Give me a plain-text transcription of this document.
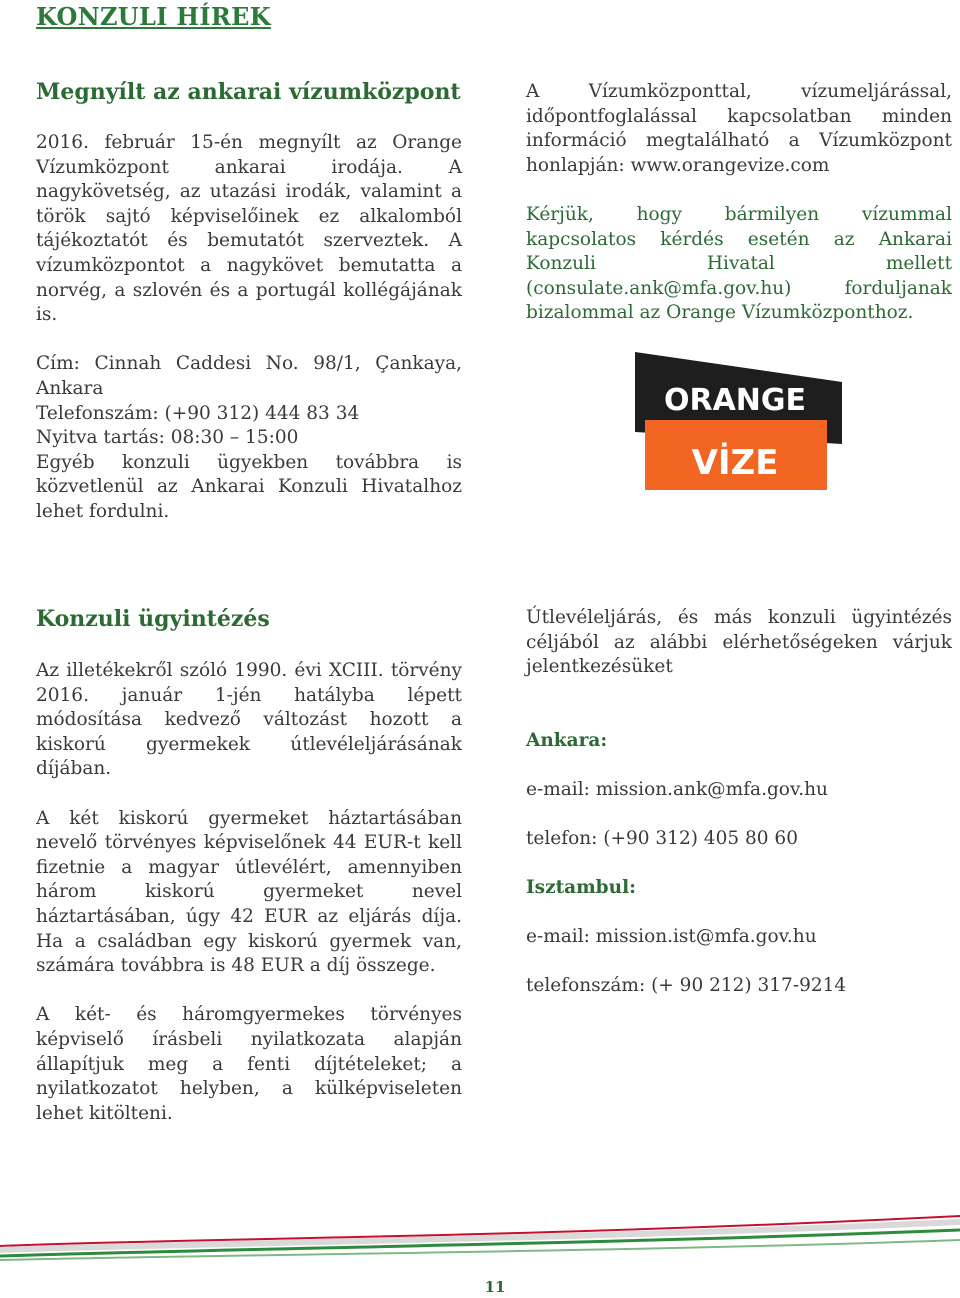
KONZULI HÍREK
Megnyílt az ankarai vízumközpont

2016. február 15-én megnyílt az Orange Vízumközpont ankarai irodája. A nagykövetség, az utazási irodák, valamint a török sajtó képviselőinek ez alkalomból tájékoztatót és bemutatót szerveztek. A vízumközpontot a nagykövet bemutatta a norvég, a szlovén és a portugál kollégájának is.

Cím: Cinnah Caddesi No. 98/1, Çankaya, Ankara

Telefonszám: (+90 312) 444 83 34

Nyitva tartás: 08:30 – 15:00

Egyéb konzuli ügyekben továbbra is közvetlenül az Ankarai Konzuli Hivatalhoz lehet fordulni.

A Vízumközponttal, vízumeljárással, időpontfoglalással kapcsolatban minden információ megtalálható a Vízumközpont honlapján: www.orangevize.com

Kérjük, hogy bármilyen vízummal kapcsolatos kérdés esetén az Ankarai Konzuli Hivatal mellett (consulate.ank@mfa.gov.hu) forduljanak bizalommal az Orange Vízumközponthoz.

ORANGE
VİZE
Konzuli ügyintézés

Az illetékekről szóló 1990. évi XCIII. törvény 2016. január 1-jén hatályba lépett módosítása kedvező változást hozott a kiskorú gyermekek útlevéleljárásának díjában.

A két kiskorú gyermeket háztartásában nevelő törvényes képviselőnek 44 EUR-t kell fizetnie a magyar útlevélért, amennyiben három kiskorú gyermeket nevel háztartásában, úgy 42 EUR az eljárás díja. Ha a családban egy kiskorú gyermek van, számára továbbra is 48 EUR a díj összege.

A két- és háromgyermekes törvényes képviselő írásbeli nyilatkozata alapján állapítjuk meg a fenti díjtételeket; a nyilatkozatot helyben, a külképviseleten lehet kitölteni.

Útlevéleljárás, és más konzuli ügyintézés céljából az alábbi elérhetőségeken várjuk jelentkezésüket

Ankara:

e-mail: mission.ank@mfa.gov.hu

telefon: (+90 312) 405 80 60

Isztambul:

e-mail: mission.ist@mfa.gov.hu

telefonszám: (+ 90 212) 317-9214

11
